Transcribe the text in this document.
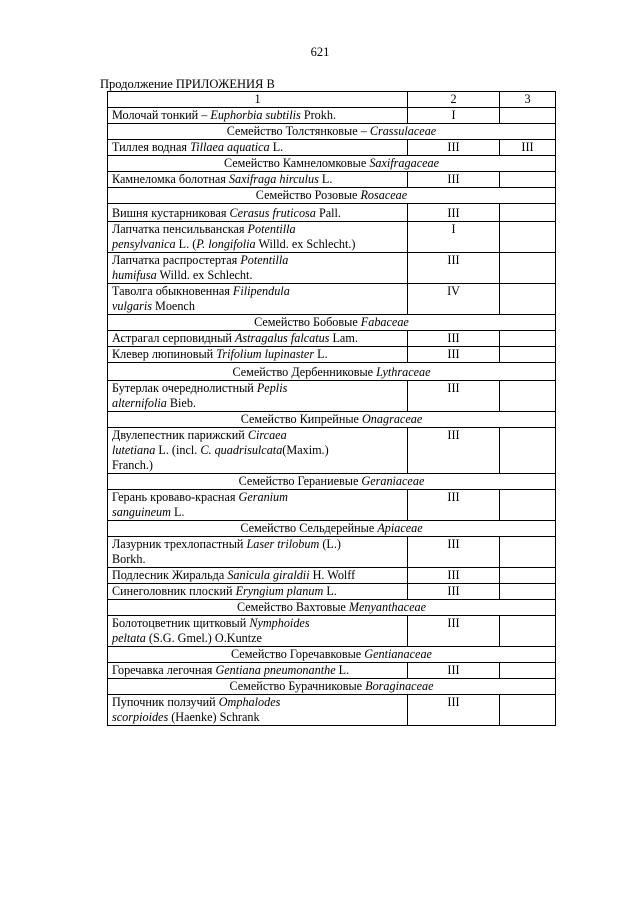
621
Продолжение ПРИЛОЖЕНИЯ В
1	2	3
Молочай тонкий – Euphorbia subtilis Prokh.	I	
Семейство Толстянковые – Crassulaceae		
Тиллея водная Tillaea aquatica L.	III	III
Семейство Камнеломковые Saxifragaceae		
Камнеломка болотная Saxifraga hirculus L.	III	
Семейство Розовые Rosaceae		
Вишня кустарниковая Cerasus fruticosa Pall.	III	
Лапчатка пенсильванская Potentilla
pensylvanica L. (P. longifolia Willd. ex Schlecht.)	I	
Лапчатка распростертая Potentilla
humifusa Willd. ex Schlecht.	III	
Таволга обыкновенная Filipendula
vulgaris Moench	IV	
Семейство Бобовые Fabaceae		
Астрагал серповидный Astragalus falcatus Lam.	III	
Клевер люпиновый Trifolium lupinaster L.	III	
Семейство Дербенниковые Lythraceae		
Бутерлак очереднолистный Peplis
alternifolia Bieb.	III	
Семейство Кипрейные Onagraceae		
Двулепестник парижский Circaea
lutetiana L. (incl. C. quadrisulcata(Maxim.)
Franch.)	III	
Семейство Гераниевые Geraniaceae		
Герань кроваво-красная Geranium
sanguineum L.	III	
Семейство Сельдерейные Apiaceae		
Лазурник трехлопастный Laser trilobum (L.)
Borkh.	III	
Подлесник Жиральда Sanicula giraldii H. Wolff	III	
Синеголовник плоский Eryngium planum L.	III	
Семейство Вахтовые Menyanthaceae		
Болотоцветник щитковый Nymphoides
peltata (S.G. Gmel.) O.Kuntze	III	
Семейство Горечавковые Gentianaceae		
Горечавка легочная Gentiana pneumonanthe L.	III	
Семейство Бурачниковые Boraginaceae		
Пупочник ползучий Omphalodes
scorpioides (Haenke) Schrank	III	
